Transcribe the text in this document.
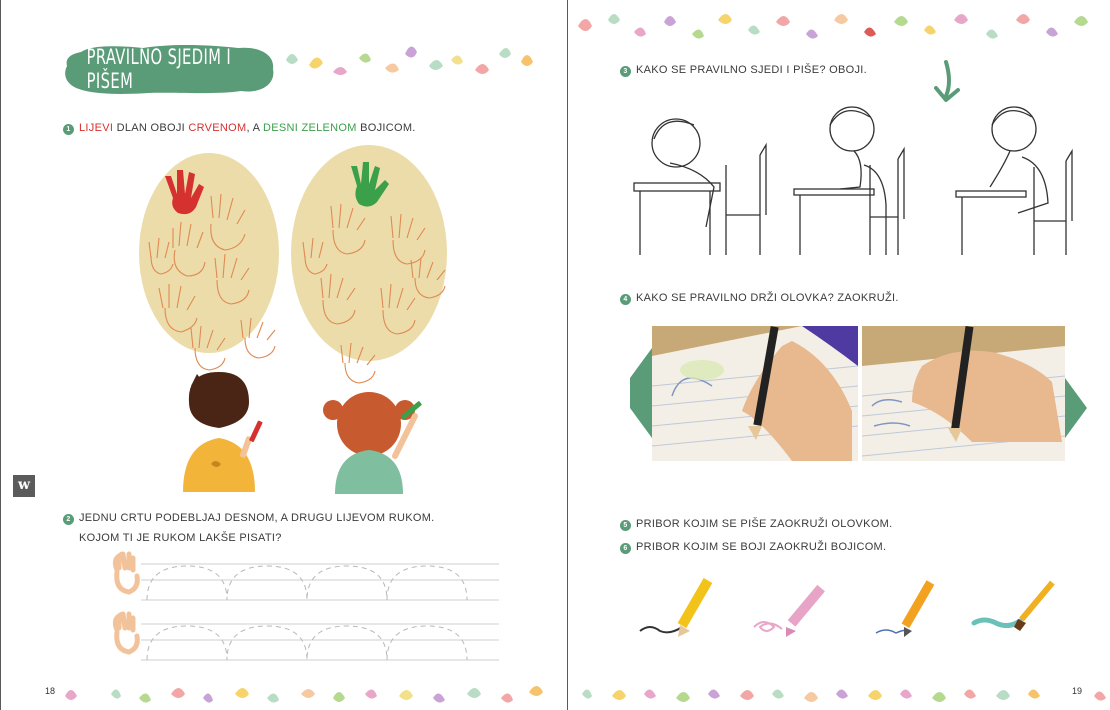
PRAVILNO SJEDIM I PIŠEM
1 LIJEVI DLAN OBOJI CRVENOM, A DESNI ZELENOM BOJICOM.
w
2 JEDNU CRTU PODEBLJAJ DESNOM, A DRUGU LIJEVOM RUKOM.
KOJOM TI JE RUKOM LAKŠE PISATI?
18
3 KAKO SE PRAVILNO SJEDI I PIŠE? OBOJI.
4 KAKO SE PRAVILNO DRŽI OLOVKA? ZAOKRUŽI.
5 PRIBOR KOJIM SE PIŠE ZAOKRUŽI OLOVKOM.
6 PRIBOR KOJIM SE BOJI ZAOKRUŽI BOJICOM.
19
